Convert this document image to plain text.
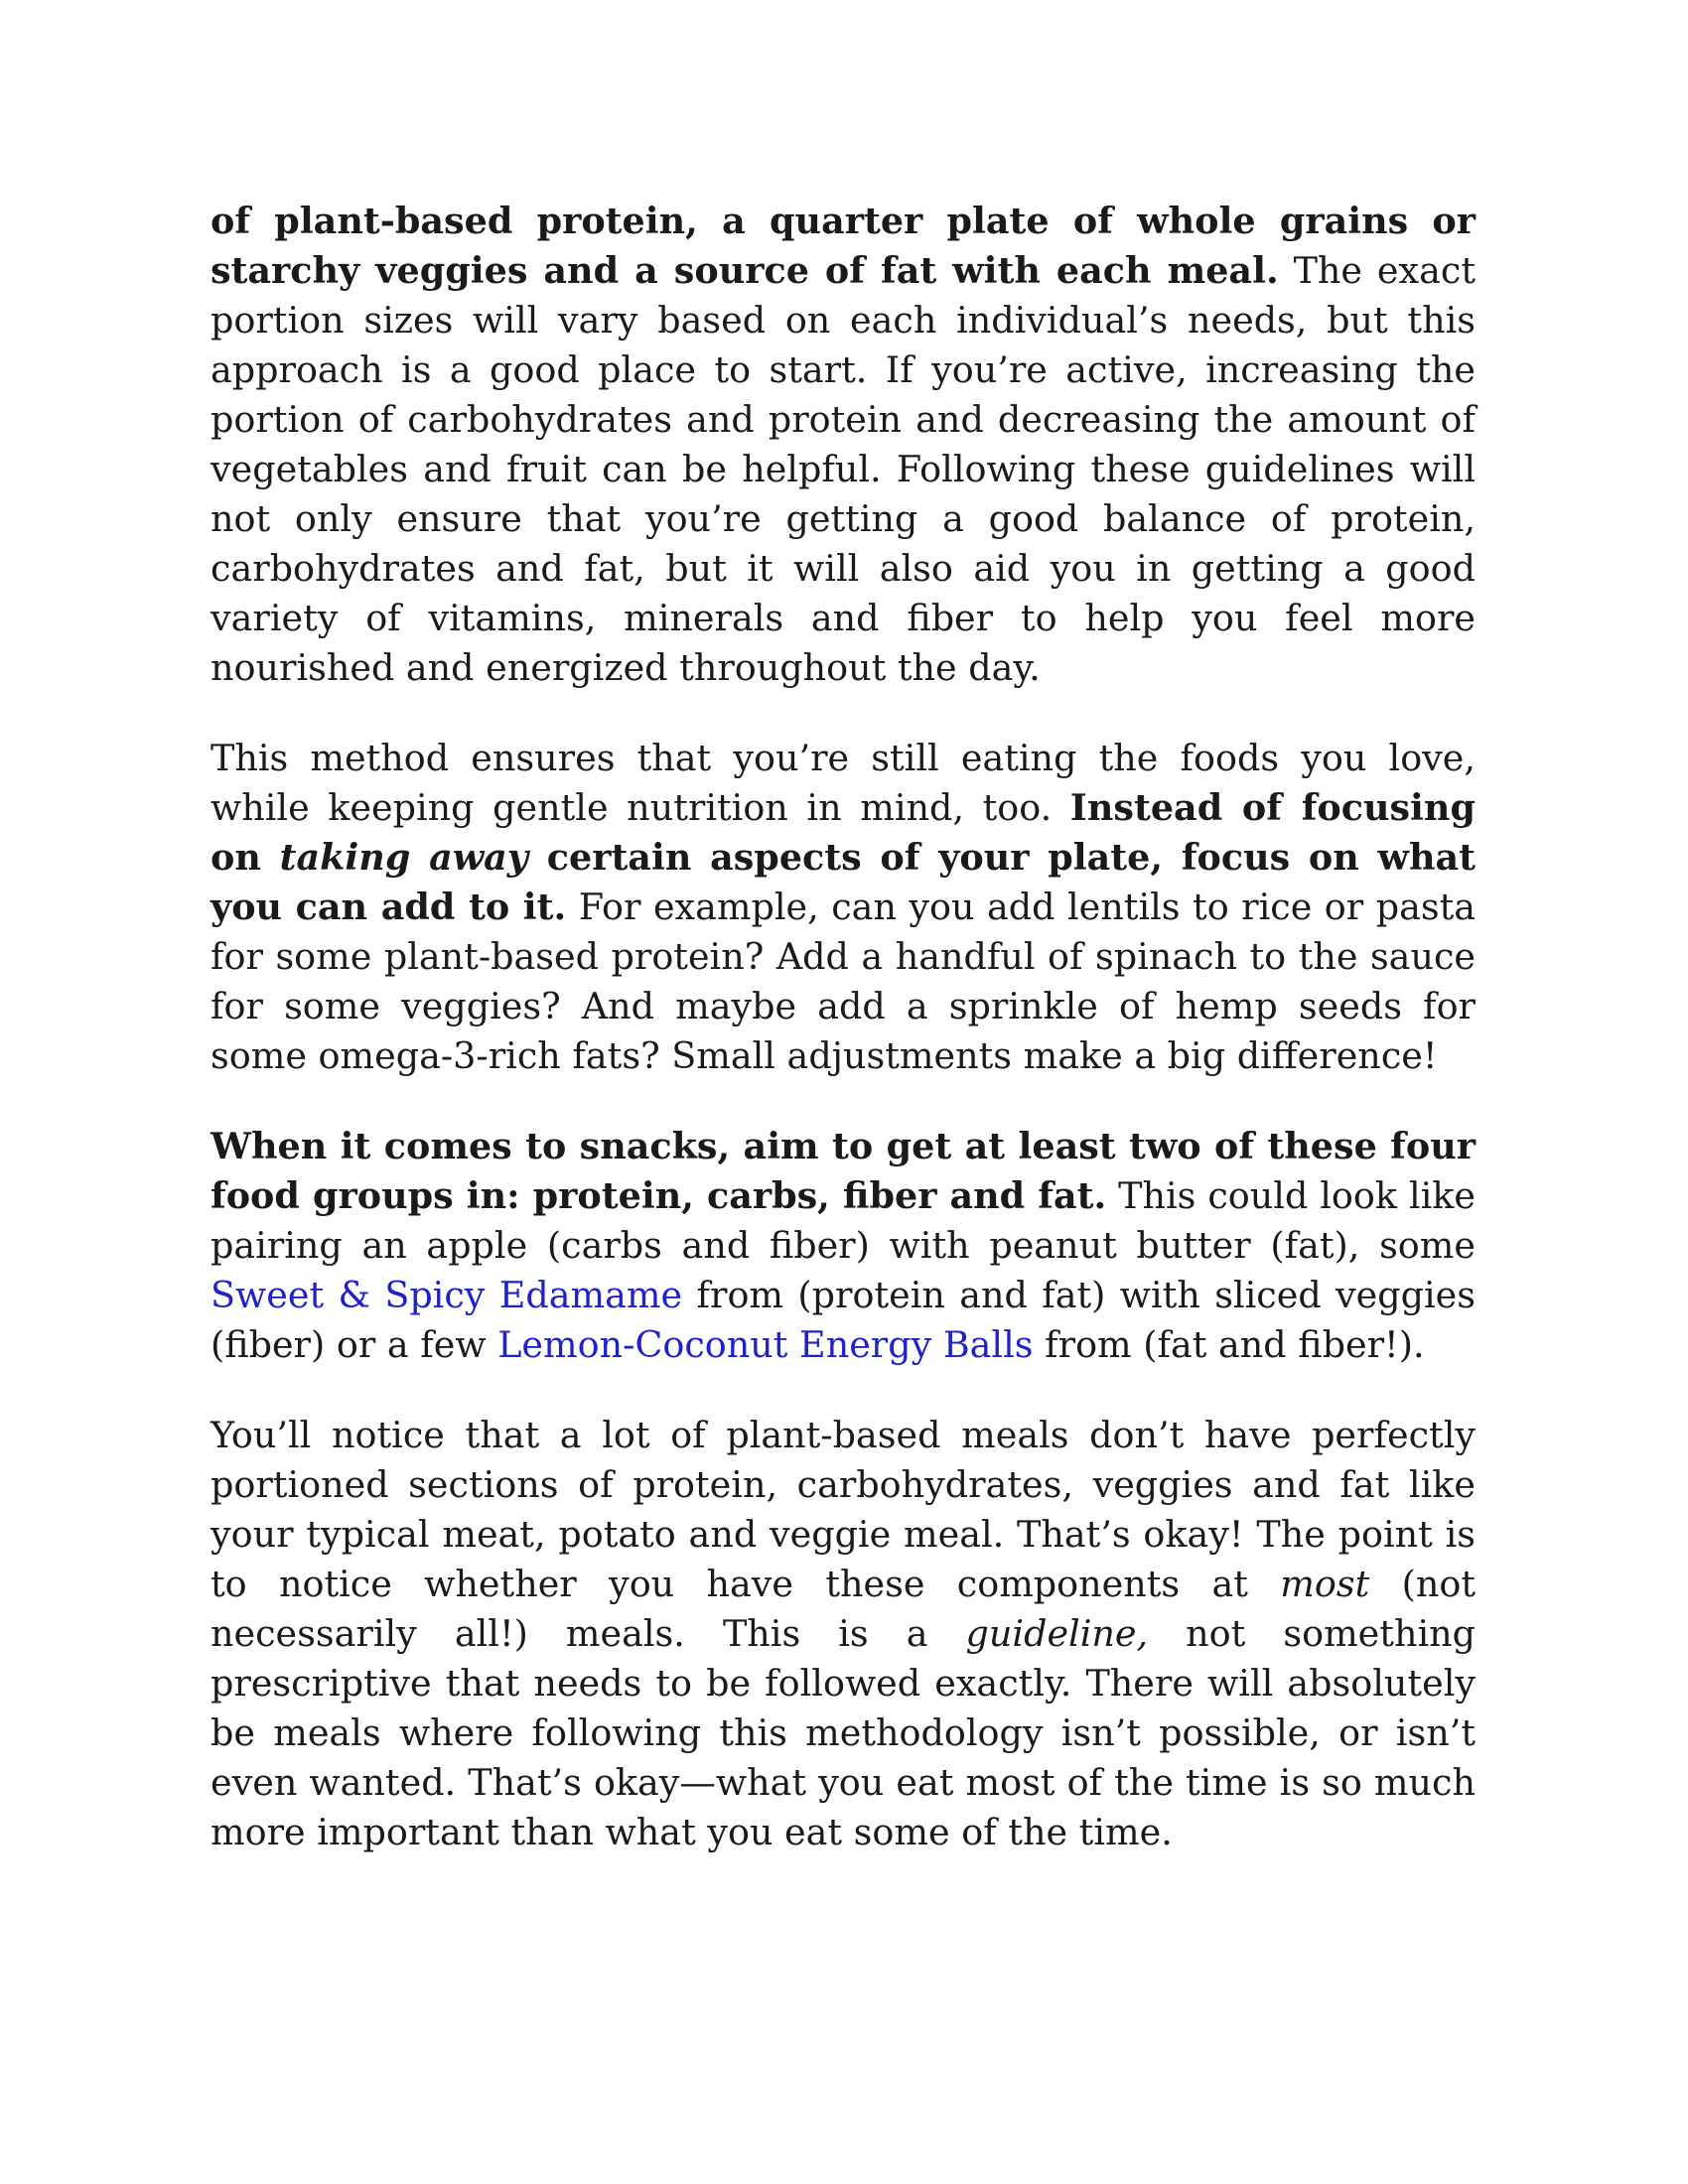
of plant-based protein, a quarter plate of whole grains or starchy veggies and a source of fat with each meal. The exact portion sizes will vary based on each individual’s needs, but this approach is a good place to start. If you’re active, increasing the portion of carbohydrates and protein and decreasing the amount of vegetables and fruit can be helpful. Following these guidelines will not only ensure that you’re getting a good balance of protein, carbohydrates and fat, but it will also aid you in getting a good variety of vitamins, minerals and fiber to help you feel more nourished and energized throughout the day.

This method ensures that you’re still eating the foods you love, while keeping gentle nutrition in mind, too. Instead of focusing on taking away certain aspects of your plate, focus on what you can add to it. For example, can you add lentils to rice or pasta for some plant-based protein? Add a handful of spinach to the sauce for some veggies? And maybe add a sprinkle of hemp seeds for some omega-3-rich fats? Small adjustments make a big difference!

When it comes to snacks, aim to get at least two of these four food groups in: protein, carbs, fiber and fat. This could look like pairing an apple (carbs and fiber) with peanut butter (fat), some Sweet & Spicy Edamame from (protein and fat) with sliced veggies (fiber) or a few Lemon-Coconut Energy Balls from (fat and fiber!).

You’ll notice that a lot of plant-based meals don’t have perfectly portioned sections of protein, carbohydrates, veggies and fat like your typical meat, potato and veggie meal. That’s okay! The point is to notice whether you have these components at most (not necessarily all!) meals. This is a guideline, not something prescriptive that needs to be followed exactly. There will absolutely be meals where following this methodology isn’t possible, or isn’t even wanted. That’s okay—what you eat most of the time is so much more important than what you eat some of the time.
